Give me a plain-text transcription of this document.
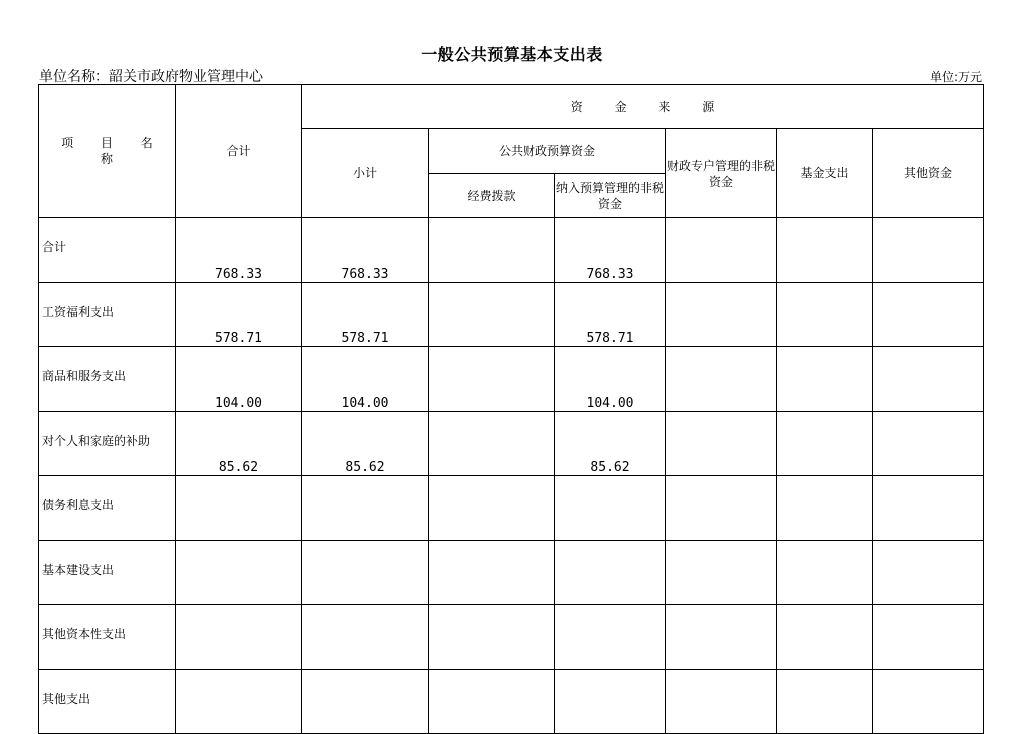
一般公共预算基本支出表
单位名称：韶关市政府物业管理中心	单位:万元
项 目 名 称	合计	资 金 来 源					
		小计	公共财政预算资金		财政专户管理的非税资金	基金支出	其他资金
			经费拨款	纳入预算管理的非税资金			
合计	768.33	768.33		768.33			
工资福利支出	578.71	578.71		578.71			
商品和服务支出	104.00	104.00		104.00			
对个人和家庭的补助	85.62	85.62		85.62			
债务利息支出							
基本建设支出							
其他资本性支出							
其他支出							
